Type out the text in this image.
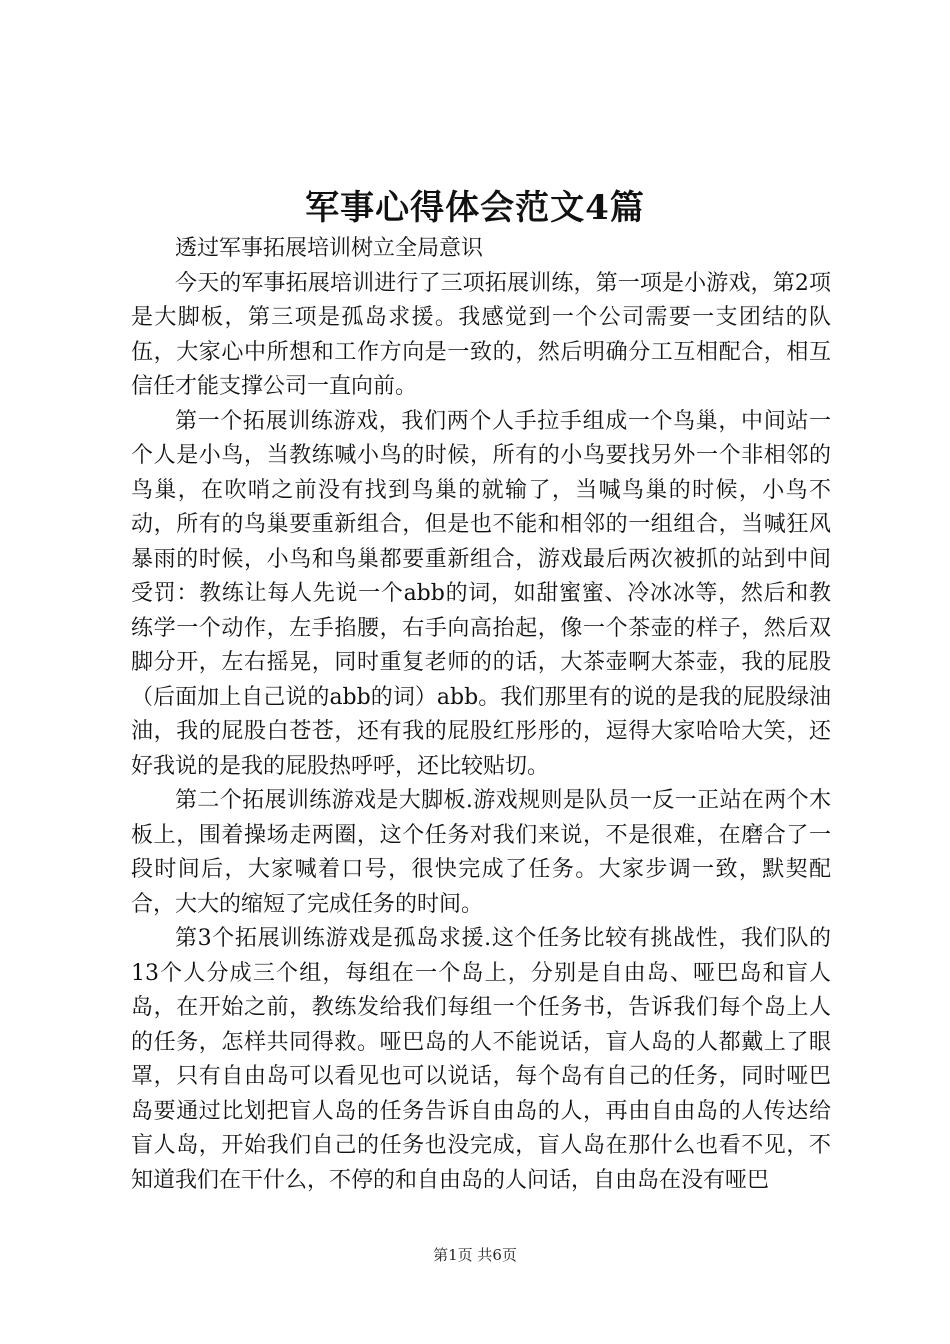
军事心得体会范文4篇

透过军事拓展培训树立全局意识

今天的军事拓展培训进行了三项拓展训练，第一项是小游戏，第2项是大脚板，第三项是孤岛求援。我感觉到一个公司需要一支团结的队伍，大家心中所想和工作方向是一致的，然后明确分工互相配合，相互信任才能支撑公司一直向前。

第一个拓展训练游戏，我们两个人手拉手组成一个鸟巢，中间站一个人是小鸟，当教练喊小鸟的时候，所有的小鸟要找另外一个非相邻的鸟巢，在吹哨之前没有找到鸟巢的就输了，当喊鸟巢的时候，小鸟不动，所有的鸟巢要重新组合，但是也不能和相邻的一组组合，当喊狂风暴雨的时候，小鸟和鸟巢都要重新组合，游戏最后两次被抓的站到中间受罚：教练让每人先说一个abb的词，如甜蜜蜜、冷冰冰等，然后和教练学一个动作，左手掐腰，右手向高抬起，像一个茶壶的样子，然后双脚分开，左右摇晃，同时重复老师的的话，大茶壶啊大茶壶，我的屁股（后面加上自己说的abb的词）abb。我们那里有的说的是我的屁股绿油油，我的屁股白苍苍，还有我的屁股红彤彤的，逗得大家哈哈大笑，还好我说的是我的屁股热呼呼，还比较贴切。

第二个拓展训练游戏是大脚板.游戏规则是队员一反一正站在两个木板上，围着操场走两圈，这个任务对我们来说，不是很难，在磨合了一段时间后，大家喊着口号，很快完成了任务。大家步调一致，默契配合，大大的缩短了完成任务的时间。

第3个拓展训练游戏是孤岛求援.这个任务比较有挑战性，我们队的13个人分成三个组，每组在一个岛上，分别是自由岛、哑巴岛和盲人岛，在开始之前，教练发给我们每组一个任务书，告诉我们每个岛上人的任务，怎样共同得救。哑巴岛的人不能说话，盲人岛的人都戴上了眼罩，只有自由岛可以看见也可以说话，每个岛有自己的任务，同时哑巴岛要通过比划把盲人岛的任务告诉自由岛的人，再由自由岛的人传达给盲人岛，开始我们自己的任务也没完成，盲人岛在那什么也看不见，不知道我们在干什么，不停的和自由岛的人问话，自由岛在没有哑巴

第1页 共6页
